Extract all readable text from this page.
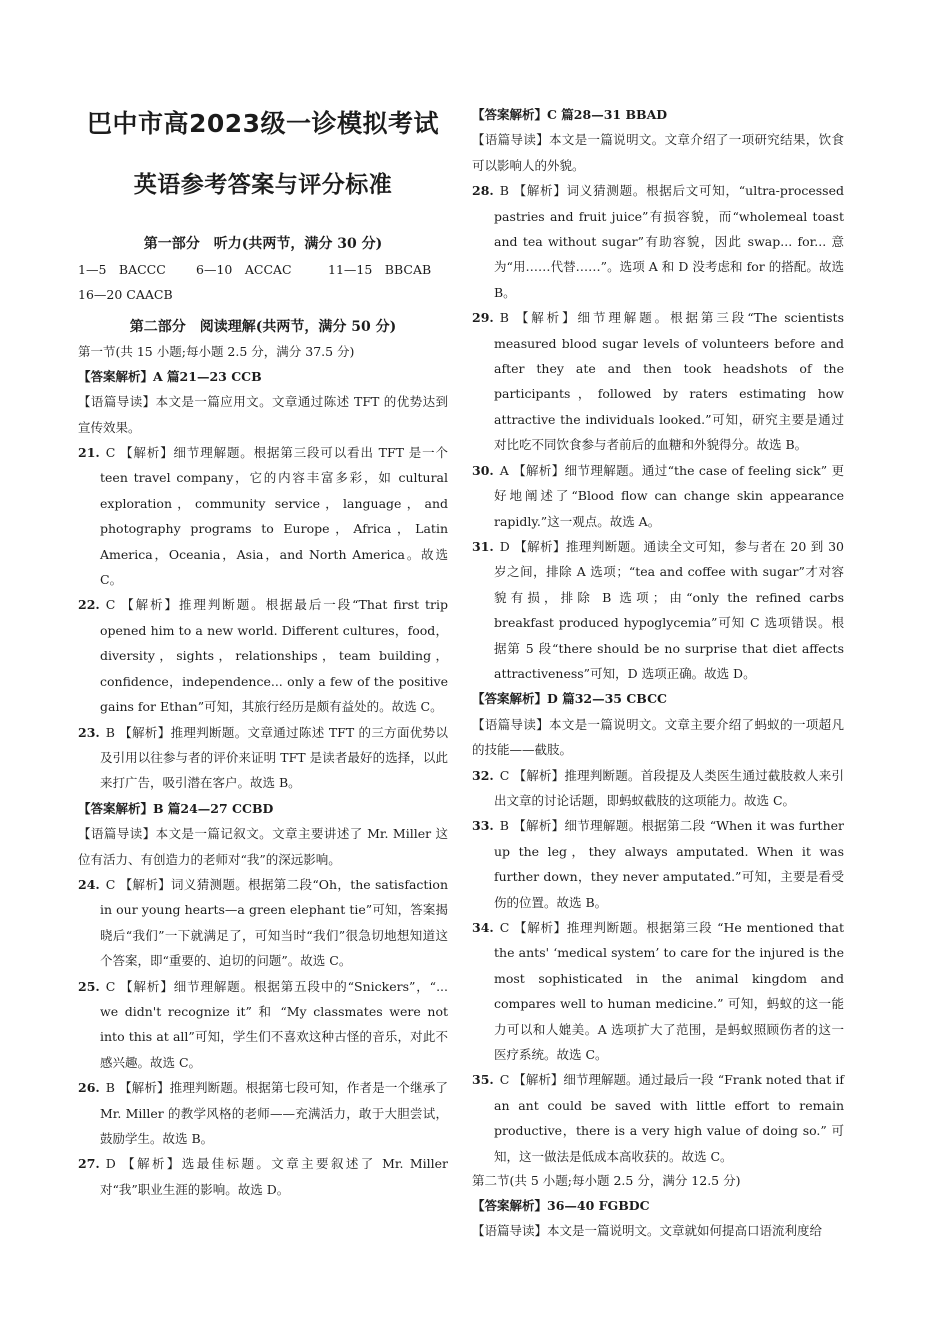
巴中市高2023级一诊模拟考试
英语参考答案与评分标准
第一部分　听力(共两节，满分 30 分)
1—5　BACCC 6—10　ACCAC	11—15　BBCAB
16—20 CAACB
第二部分　阅读理解(共两节，满分 50 分)
第一节(共 15 小题;每小题 2.5 分，满分 37.5 分)
【答案解析】A 篇21—23 CCB
【语篇导读】本文是一篇应用文。文章通过陈述 TFT 的优势达到宣传效果。
21. C 【解析】细节理解题。根据第三段可以看出 TFT 是一个 teen travel company，它的内容丰富多彩，如 cultural exploration，community service，language，and photography programs to Europe，Africa，Latin America，Oceania，Asia，and North America。故选 C。
22. C 【解析】推理判断题。根据最后一段“That first trip opened him to a new world. Different cultures，food，diversity，sights，relationships，team building，confidence，independence... only a few of the positive gains for Ethan”可知，其旅行经历是颇有益处的。故选 C。
23. B 【解析】推理判断题。文章通过陈述 TFT 的三方面优势以及引用以往参与者的评价来证明 TFT 是读者最好的选择，以此来打广告，吸引潜在客户。故选 B。
【答案解析】B 篇24—27 CCBD
【语篇导读】本文是一篇记叙文。文章主要讲述了 Mr. Miller 这位有活力、有创造力的老师对“我”的深远影响。
24. C 【解析】词义猜测题。根据第二段“Oh，the satisfaction in our young hearts—a green elephant tie”可知，答案揭晓后“我们”一下就满足了，可知当时“我们”很急切地想知道这个答案，即“重要的、迫切的问题”。故选 C。
25. C 【解析】细节理解题。根据第五段中的“Snickers”，“... we didn't recognize it” 和 “My classmates were not into this at all”可知，学生们不喜欢这种古怪的音乐，对此不感兴趣。故选 C。
26. B 【解析】推理判断题。根据第七段可知，作者是一个继承了 Mr. Miller 的教学风格的老师——充满活力，敢于大胆尝试，鼓励学生。故选 B。
27. D 【解析】选最佳标题。文章主要叙述了 Mr. Miller 对“我”职业生涯的影响。故选 D。
【答案解析】C 篇28—31 BBAD
【语篇导读】本文是一篇说明文。文章介绍了一项研究结果，饮食可以影响人的外貌。
28. B 【解析】词义猜测题。根据后文可知，“ultra-processed pastries and fruit juice”有损容貌，而“wholemeal toast and tea without sugar”有助容貌，因此 swap... for... 意为“用……代替……”。选项 A 和 D 没考虑和 for 的搭配。故选 B。
29. B 【解析】细节理解题。根据第三段“The scientists measured blood sugar levels of volunteers before and after they ate and then took headshots of the participants，followed by raters estimating how attractive the individuals looked.”可知，研究主要是通过对比吃不同饮食参与者前后的血糖和外貌得分。故选 B。
30. A 【解析】细节理解题。通过“the case of feeling sick” 更好地阐述了“Blood flow can change skin appearance rapidly.”这一观点。故选 A。
31. D 【解析】推理判断题。通读全文可知，参与者在 20 到 30 岁之间，排除 A 选项；“tea and coffee with sugar”才对容貌有损，排除 B 选项；由“only the refined carbs breakfast produced hypoglycemia”可知 C 选项错误。根据第 5 段“there should be no surprise that diet affects attractiveness”可知，D 选项正确。故选 D。
【答案解析】D 篇32—35 CBCC
【语篇导读】本文是一篇说明文。文章主要介绍了蚂蚁的一项超凡的技能——截肢。
32. C 【解析】推理判断题。首段提及人类医生通过截肢救人来引出文章的讨论话题，即蚂蚁截肢的这项能力。故选 C。
33. B 【解析】细节理解题。根据第二段 “When it was further up the leg，they always amputated. When it was further down，they never amputated.”可知，主要是看受伤的位置。故选 B。
34. C 【解析】推理判断题。根据第三段 “He mentioned that the ants' ‘medical system’ to care for the injured is the most sophisticated in the animal kingdom and compares well to human medicine.” 可知，蚂蚁的这一能力可以和人媲美。A 选项扩大了范围，是蚂蚁照顾伤者的这一医疗系统。故选 C。
35. C 【解析】细节理解题。通过最后一段 “Frank noted that if an ant could be saved with little effort to remain productive，there is a very high value of doing so.” 可知，这一做法是低成本高收获的。故选 C。
第二节(共 5 小题;每小题 2.5 分，满分 12.5 分)
【答案解析】36—40 FGBDC
【语篇导读】本文是一篇说明文。文章就如何提高口语流利度给
